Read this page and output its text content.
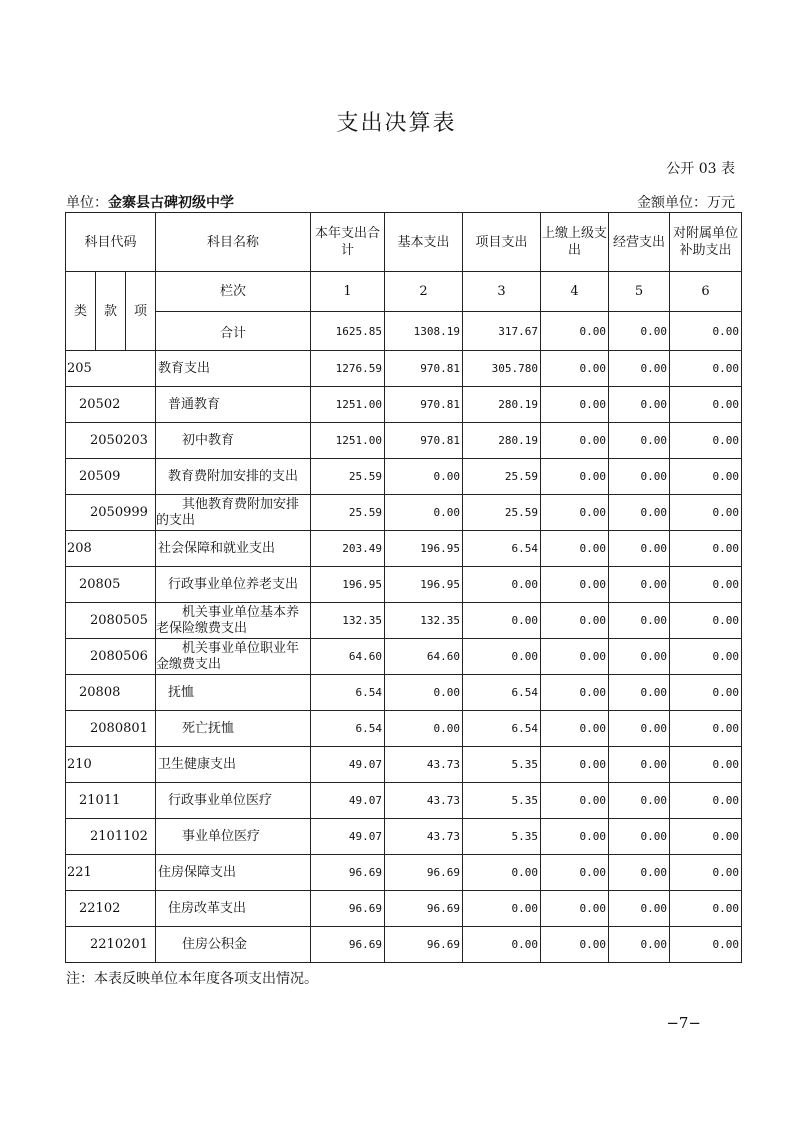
支出决算表
公开 03 表
单位：金寨县古碑初级中学	金额单位：万元
科目代码			科目名称	本年支出合计	基本支出	项目支出	上缴上级支出	经营支出	对附属单位补助支出
类	款	项	栏次	1	2	3	4	5	6
			合计	1625.85	1308.19	317.67	0.00	0.00	0.00
205			教育支出	1276.59	970.81	305.780	0.00	0.00	0.00
20502			普通教育	1251.00	970.81	280.19	0.00	0.00	0.00
2050203			初中教育	1251.00	970.81	280.19	0.00	0.00	0.00
20509			教育费附加安排的支出	25.59	0.00	25.59	0.00	0.00	0.00
2050999			其他教育费附加安排的支出	25.59	0.00	25.59	0.00	0.00	0.00
208			社会保障和就业支出	203.49	196.95	6.54	0.00	0.00	0.00
20805			行政事业单位养老支出	196.95	196.95	0.00	0.00	0.00	0.00
2080505			机关事业单位基本养老保险缴费支出	132.35	132.35	0.00	0.00	0.00	0.00
2080506			机关事业单位职业年金缴费支出	64.60	64.60	0.00	0.00	0.00	0.00
20808			抚恤	6.54	0.00	6.54	0.00	0.00	0.00
2080801			死亡抚恤	6.54	0.00	6.54	0.00	0.00	0.00
210			卫生健康支出	49.07	43.73	5.35	0.00	0.00	0.00
21011			行政事业单位医疗	49.07	43.73	5.35	0.00	0.00	0.00
2101102			事业单位医疗	49.07	43.73	5.35	0.00	0.00	0.00
221			住房保障支出	96.69	96.69	0.00	0.00	0.00	0.00
22102			住房改革支出	96.69	96.69	0.00	0.00	0.00	0.00
2210201			住房公积金	96.69	96.69	0.00	0.00	0.00	0.00
注：本表反映单位本年度各项支出情况。
−7−
